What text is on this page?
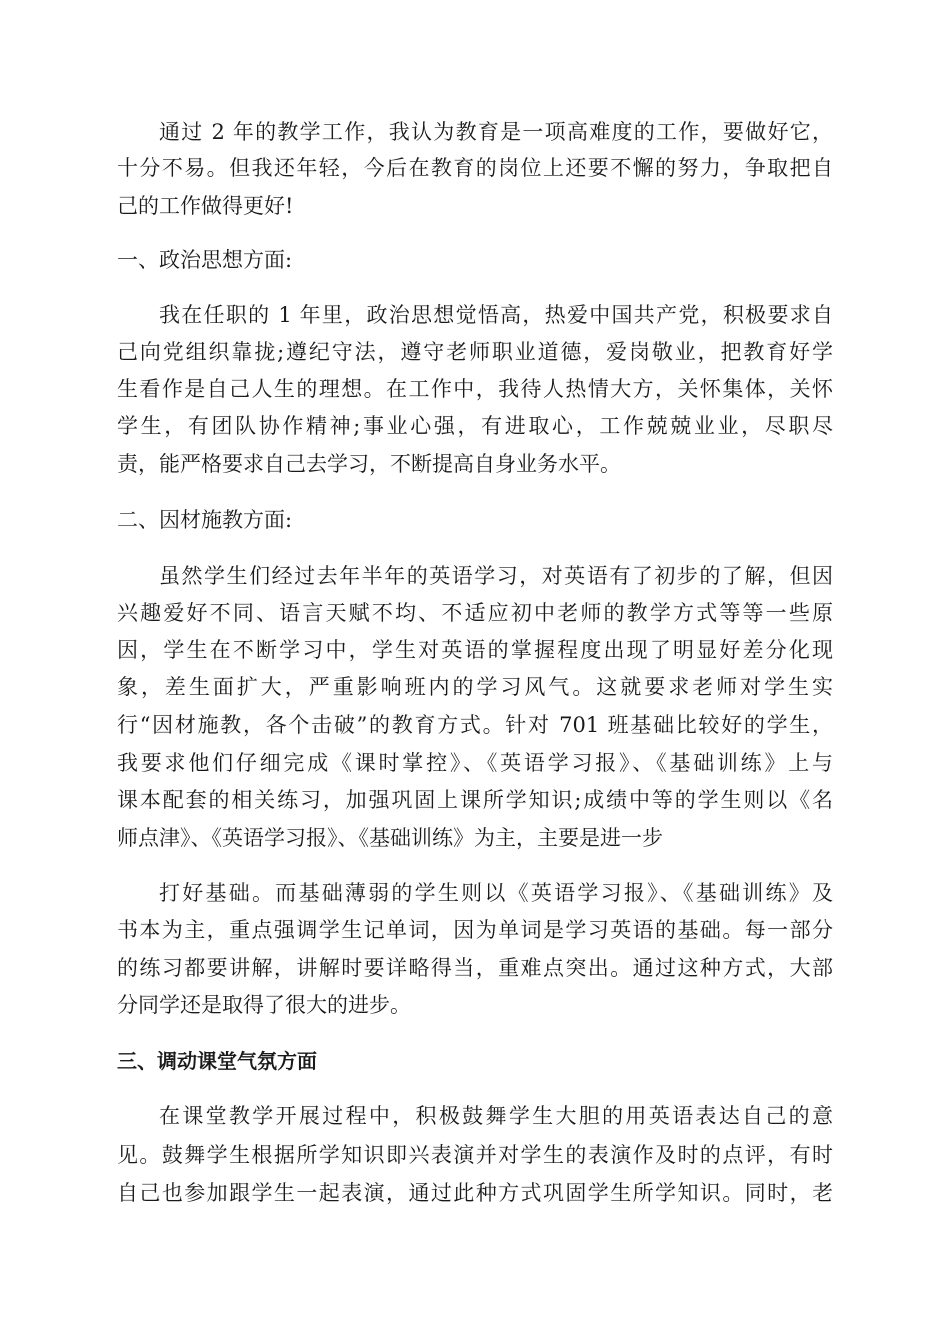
通过 2 年的教学工作，我认为教育是一项高难度的工作，要做好它，
十分不易。但我还年轻，今后在教育的岗位上还要不懈的努力，争取把自
己的工作做得更好!
一、政治思想方面:
我在任职的 1 年里，政治思想觉悟高，热爱中国共产党，积极要求自
己向党组织靠拢;遵纪守法，遵守老师职业道德，爱岗敬业，把教育好学
生看作是自己人生的理想。在工作中，我待人热情大方，关怀集体，关怀
学生，有团队协作精神;事业心强，有进取心，工作兢兢业业，尽职尽
责，能严格要求自己去学习，不断提高自身业务水平。
二、因材施教方面:
虽然学生们经过去年半年的英语学习，对英语有了初步的了解，但因
兴趣爱好不同、语言天赋不均、不适应初中老师的教学方式等等一些原
因，学生在不断学习中，学生对英语的掌握程度出现了明显好差分化现
象，差生面扩大，严重影响班内的学习风气。这就要求老师对学生实
行“因材施教，各个击破”的教育方式。针对 701 班基础比较好的学生，
我要求他们仔细完成《课时掌控》、《英语学习报》、《基础训练》上与
课本配套的相关练习，加强巩固上课所学知识;成绩中等的学生则以《名
师点津》、《英语学习报》、《基础训练》为主，主要是进一步
打好基础。而基础薄弱的学生则以《英语学习报》、《基础训练》及
书本为主，重点强调学生记单词，因为单词是学习英语的基础。每一部分
的练习都要讲解，讲解时要详略得当，重难点突出。通过这种方式，大部
分同学还是取得了很大的进步。
三、调动课堂气氛方面
在课堂教学开展过程中，积极鼓舞学生大胆的用英语表达自己的意
见。鼓舞学生根据所学知识即兴表演并对学生的表演作及时的点评，有时
自己也参加跟学生一起表演，通过此种方式巩固学生所学知识。同时，老
